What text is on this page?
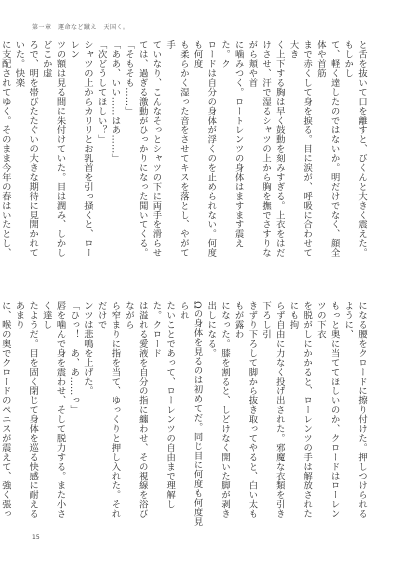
第一章　運命など蹴え　天国く。

と舌を抜いて口を離すと、びくんと大きく震えた。もしかし

て、軽く達したのではないか。明だけでなく、顔全体や首筋

まで赤くして身を捩る。目に涙が、呼吸に合わせて大き

く上下する胸は早く鼓動を刻みすぎる。上衣をはだ

けさせ、汗で湿るシャツの上から胸を撫でさすりながら頬や首

に噛みつく。ロートレンツの身体はますます震えた。ク

ロードは自分の身体が浮くのを止められない。何度も何度

も柔らかく湿った音をさせてキスを落とし、やがて手

ていなり、こんなそっとシャツの下に両手を滑らせ

ては、過ぎる激動がひっかりになった聞いてくる。

「そもそも……」

「ああ、いい……はあ……」

「次どうしてほしい？」

シャツの上からカリリとお乳首を引っ掻くと、ローレン

ツの額は見る間に朱付けていた。目は潤み、しかしどこか虚

ろで、明を帯びたたぐいの大きな期待に見開かれていた。快楽

に支配されてゆく。そのまま今年の春はいたとし、

になる腰をクロードに擦り付けた。押しつけられるように、

もっと奥に当ててほしいのか、クロードはローレンツの下衣

を脱がしにかかると、ローレンツの手は解放されたにも拘

らず自由に力なく投げ出された。邪魔な衣類を引き下ろし引

きずり下ろして脚から抜き取ってやると、白い太ももが露わ

になった。膝を割ると、しどけなく開いた脚が剥き出しになる。

Ωの身体を見るのは初めてだ。同じ目に何度も何度見られ

たいことであって、ローレンツの自由まで理解した。クロード

は溢れる愛液を自分の指に纏わせ、その視線を浴びながら

ら窄まりに指を当て、ゆっくりと押し入れた。それだけで

ンツは悲鳴を上げた。

「ひっ！　あ、あ……っ」

唇を噛んで身を震わせ、そして脱力する。また小さく達し

たようだ。目を固く閉じて身体を巡る快感に耐えるあまり

に、喉の奥でクロードのペニスが震えて、強く張っ

15
